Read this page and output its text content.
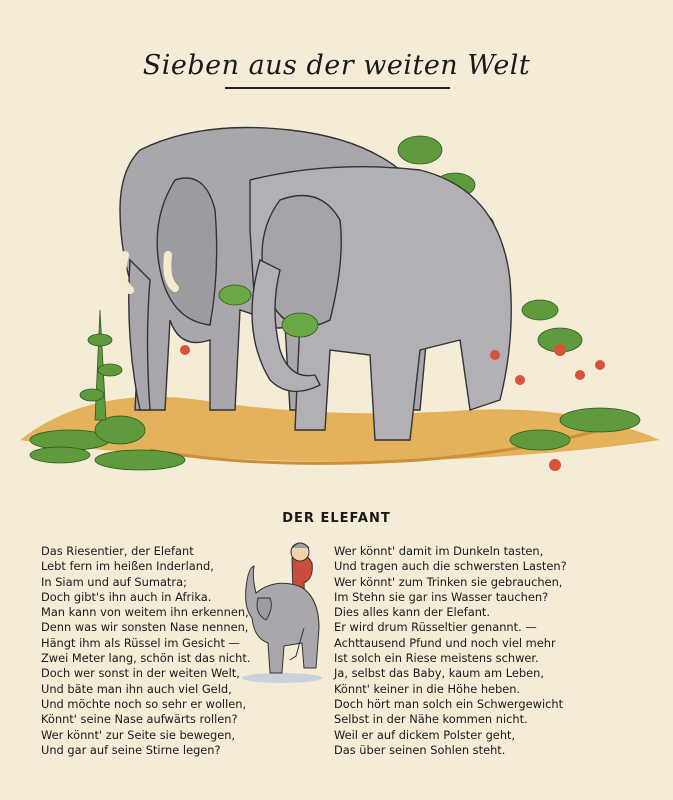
Sieben aus der weiten Welt
DER ELEFANT
Das Riesentier, der Elefant
Lebt fern im heißen Inderland,
In Siam und auf Sumatra;
Doch gibt's ihn auch in Afrika.
Man kann von weitem ihn erkennen,
Denn was wir sonsten Nase nennen,
Hängt ihm als Rüssel im Gesicht —
Zwei Meter lang, schön ist das nicht.
Doch wer sonst in der weiten Welt,
Und bäte man ihn auch viel Geld,
Und möchte noch so sehr er wollen,
Könnt' seine Nase aufwärts rollen?
Wer könnt' zur Seite sie bewegen,
Und gar auf seine Stirne legen?
Wer könnt' damit im Dunkeln tasten,
Und tragen auch die schwersten Lasten?
Wer könnt' zum Trinken sie gebrauchen,
Im Stehn sie gar ins Wasser tauchen?
Dies alles kann der Elefant.
Er wird drum Rüsseltier genannt. —
Achttausend Pfund und noch viel mehr
Ist solch ein Riese meistens schwer.
Ja, selbst das Baby, kaum am Leben,
Könnt' keiner in die Höhe heben.
Doch hört man solch ein Schwergewicht
Selbst in der Nähe kommen nicht.
Weil er auf dickem Polster geht,
Das über seinen Sohlen steht.
